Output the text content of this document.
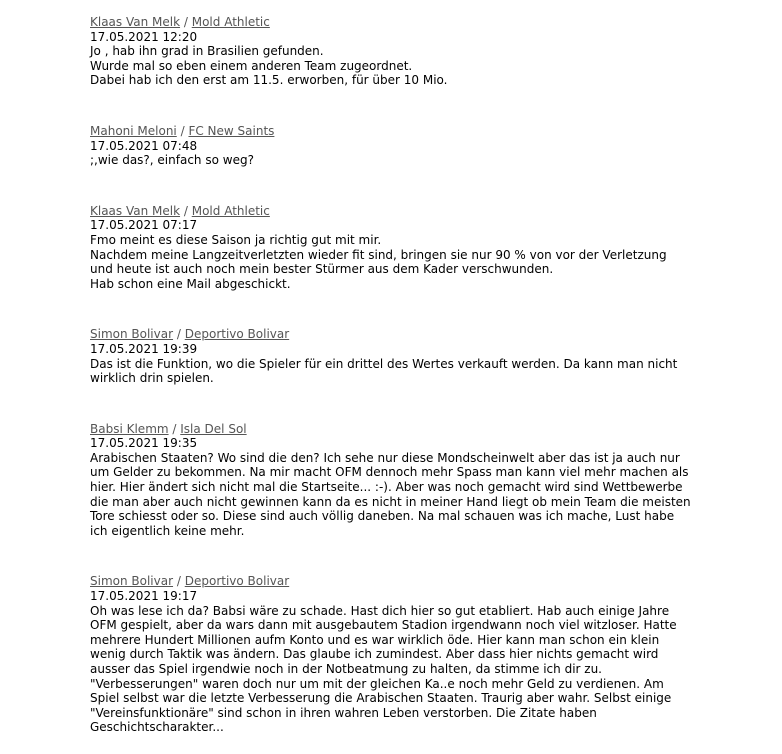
Klaas Van Melk / Mold Athletic
17.05.2021 12:20
Jo , hab ihn grad in Brasilien gefunden.
Wurde mal so eben einem anderen Team zugeordnet.
Dabei hab ich den erst am 11.5. erworben, für über 10 Mio.
Mahoni Meloni / FC New Saints
17.05.2021 07:48
;,wie das?, einfach so weg?
Klaas Van Melk / Mold Athletic
17.05.2021 07:17
Fmo meint es diese Saison ja richtig gut mit mir.
Nachdem meine Langzeitverletzten wieder fit sind, bringen sie nur 90 % von vor der Verletzung
und heute ist auch noch mein bester Stürmer aus dem Kader verschwunden.
Hab schon eine Mail abgeschickt.
Simon Bolivar / Deportivo Bolivar
17.05.2021 19:39
Das ist die Funktion, wo die Spieler für ein drittel des Wertes verkauft werden. Da kann man nicht
wirklich drin spielen.
Babsi Klemm / Isla Del Sol
17.05.2021 19:35
Arabischen Staaten? Wo sind die den? Ich sehe nur diese Mondscheinwelt aber das ist ja auch nur
um Gelder zu bekommen. Na mir macht OFM dennoch mehr Spass man kann viel mehr machen als
hier. Hier ändert sich nicht mal die Startseite... :-). Aber was noch gemacht wird sind Wettbewerbe
die man aber auch nicht gewinnen kann da es nicht in meiner Hand liegt ob mein Team die meisten
Tore schiesst oder so. Diese sind auch völlig daneben. Na mal schauen was ich mache, Lust habe
ich eigentlich keine mehr.
Simon Bolivar / Deportivo Bolivar
17.05.2021 19:17
Oh was lese ich da? Babsi wäre zu schade. Hast dich hier so gut etabliert. Hab auch einige Jahre
OFM gespielt, aber da wars dann mit ausgebautem Stadion irgendwann noch viel witzloser. Hatte
mehrere Hundert Millionen aufm Konto und es war wirklich öde. Hier kann man schon ein klein
wenig durch Taktik was ändern. Das glaube ich zumindest. Aber dass hier nichts gemacht wird
ausser das Spiel irgendwie noch in der Notbeatmung zu halten, da stimme ich dir zu.
"Verbesserungen" waren doch nur um mit der gleichen Ka..e noch mehr Geld zu verdienen. Am
Spiel selbst war die letzte Verbesserung die Arabischen Staaten. Traurig aber wahr. Selbst einige
"Vereinsfunktionäre" sind schon in ihren wahren Leben verstorben. Die Zitate haben
Geschichtscharakter...
